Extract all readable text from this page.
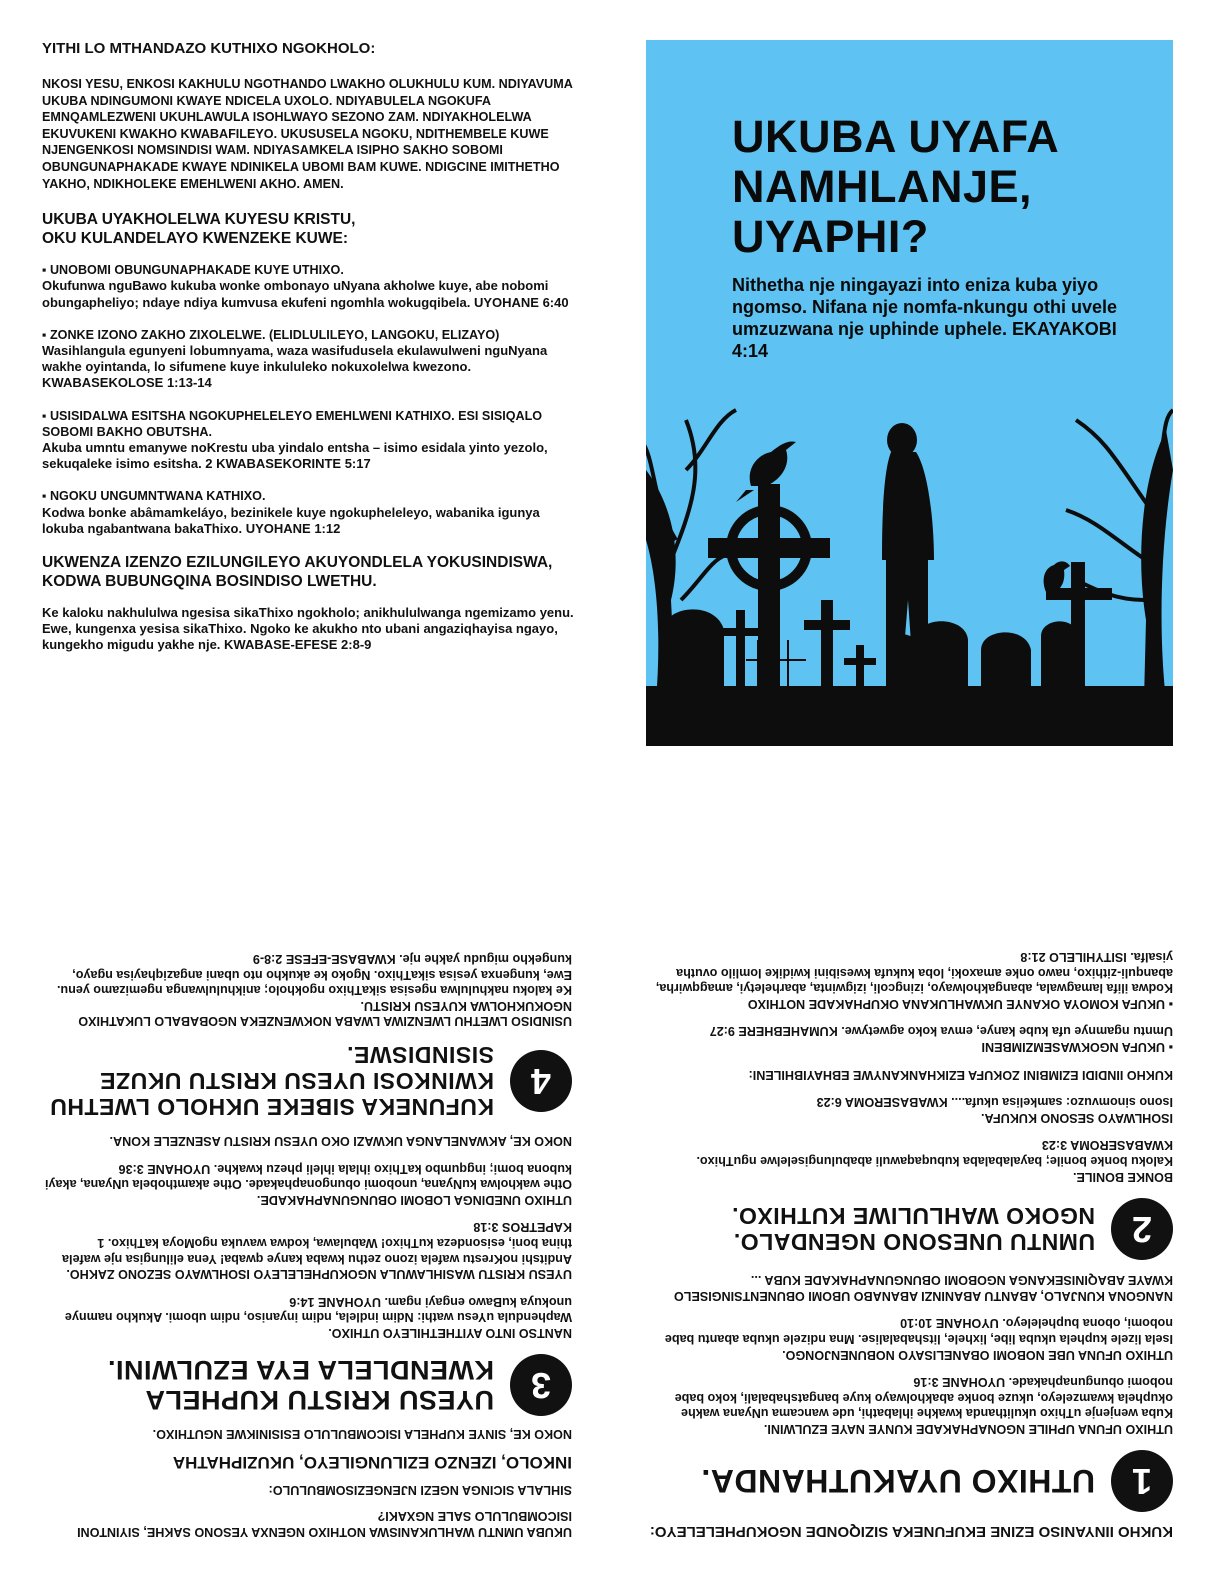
YITHI LO MTHANDAZO KUTHIXO NGOKHOLO:

NKOSI YESU, ENKOSI KAKHULU NGOTHANDO LWAKHO OLUKHULU KUM. NDIYAVUMA UKUBA NDINGUMONI KWAYE NDICELA UXOLO. NDIYABULELA NGOKUFA EMNQAMLEZWENI UKUHLAWULA ISOHLWAYO SEZONO ZAM. NDIYAKHOLELWA EKUVUKENI KWAKHO KWABAFILEYO. UKUSUSELA NGOKU, NDITHEMBELE KUWE NJENGENKOSI NOMSINDISI WAM. NDIYASAMKELA ISIPHO SAKHO SOBOMI OBUNGUNAPHAKADE KWAYE NDINIKELA UBOMI BAM KUWE. NDIGCINE IMITHETHO YAKHO, NDIKHOLEKE EMEHLWENI AKHO. AMEN.

UKUBA UYAKHOLELWA KUYESU KRISTU,
OKU KULANDELAYO KWENZEKE KUWE:

▪ UNOBOMI OBUNGUNAPHAKADE KUYE UTHIXO.
Okufunwa nguBawo kukuba wonke ombonayo uNyana akholwe kuye, abe nobomi obungapheliyo; ndaye ndiya kumvusa ekufeni ngomhla wokugqibela. UYOHANE 6:40
▪ ZONKE IZONO ZAKHO ZIXOLELWE. (ELIDLULILEYO, LANGOKU, ELIZAYO)
Wasihlangula egunyeni lobumnyama, waza wasifudusela ekulawulweni nguNyana wakhe oyintanda, lo sifumene kuye inkululeko nokuxolelwa kwezono. KWABASEKOLOSE 1:13-14
▪ USISIDALWA ESITSHA NGOKUPHELELEYO EMEHLWENI KATHIXO. ESI SISIQALO SOBOMI BAKHO OBUTSHA.
Akuba umntu emanywe noKrestu uba yindalo entsha – isimo esidala yinto yezolo, sekuqaleke isimo esitsha. 2 KWABASEKORINTE 5:17
▪ NGOKU UNGUMNTWANA KATHIXO.
Kodwa bonke abâmamkeláyo, bezinikele kuye ngokupheleleyo, wabanika igunya lokuba ngabantwana bakaThixo. UYOHANE 1:12

UKWENZA IZENZO EZILUNGILEYO AKUYONDLELA YOKUSINDISWA, KODWA BUBUNGQINA BOSINDISO LWETHU.

Ke kaloku nakhululwa ngesisa sikaThixo ngokholo; anikhululwanga ngemizamo yenu. Ewe, kungenxa yesisa sikaThixo. Ngoko ke akukho nto ubani angaziqhayisa ngayo, kungekho migudu yakhe nje. KWABASE-EFESE 2:8-9

UKUBA UYAFA
NAMHLANJE,
UYAPHI?
Nithetha nje ningayazi into eniza kuba yiyo ngomso. Nifana nje nomfa-nkungu othi uvele umzuzwana nje uphinde uphele. EKAYAKOBI 4:14

UKUBA UMNTU WAHLUKANISWA NOTHIXO NGENXA YESONO SAKHE, SIYINTONI ISICOMBULULO SALE NGXAKI?

SIHLALA SICINGA NGEZI NJENGEZISOMBULULO:

INKOLO, IZENZO EZILUNGILEYO, UKUZIPHATHA

NOKO KE, SINYE KUPHELA ISICOMBULULO ESISINIKWE NGUTHIXO.

3
UYESU KRISTU KUPHELA KWENDLELA EYA EZULWINI.
NANTSO INTO AYITHETHILEYO UTHIXO.
Waphendula uYesu wathi: Ndim indlela, ndim inyaniso, ndim ubomi. Akukho namnye unokuya kuBawo engayi ngam. UYOHANE 14:6
UYESU KRISTU WASIHLAWULA NGOKUPHELELEYO ISOHLWAYO SEZONO ZAKHO.
Anditshi noKrestu wafela izono zethu kwaba kanye qwaba! Yena elilungisa nje wafela thina boni, esisondeza kuThixo! Wabulawa, kodwa wavuka ngoMoya kaThixo. 1 KAPETROS 3:18
UTHIXO UNEDINGA LOBOMI OBUNGUNAPHAKADE.
Othe wakholwa kuNyana, unobomi obungonaphakade. Othe akamthobela uNyana, akayi kubona bomi; ingqumbo kaThixo ihlala ihleli phezu kwakhe. UYOHANE 3:36
NOKO KE, AKWANELANGA UKWAZI OKO UYESU KRISTU ASENZELE KONA.
4
KUFUNEKA SIBEKE UKHOLO LWETHU KWINKOSI UYESU KRISTU UKUZE SISINDISWE.
USINDISO LWETHU LWENZIWA LWABA NOKWENZEKA NGOBABALO LUKATHIXO NGOKUKHOLWA KUYESU KRISTU.
Ke kaloku nakhululwa ngesisa sikaThixo ngokholo; anikhululwanga ngemizamo yenu. Ewe, kungenxa yesisa sikaThixo. Ngoko ke akukho nto ubani angaziqhayisa ngayo, kungekho migudu yakhe nje. KWABASE-EFESE 2:8-9

KUKHO IINYANISO EZINE EKUFUNEKA SIZIQONDE NGOKUPHELELEYO:

1
UTHIXO UYAKUTHANDA.
UTHIXO UFUNA UPHILE NGONAPHAKADE KUNYE NAYE EZULWINI.
Kuba wenjenje uThixo ukulithanda kwakhe ihlabathi, ude wancama uNyana wakhe okuphela kwamzeleyo, ukuze bonke abakholwayo kuye bangatshabalali, koko babe nobomi obungunaphakade. UYOHANE 3:16
UTHIXO UFUNA UBE NOBOMI OBANELISAYO NOBUNENJONGO.
Isela lizele kuphela ukuba libe, lixhele, litshabalalise. Mna ndizele ukuba abantu babe nobomi, obona bupheleleyo. UYOHANE 10:10
NANGONA KUNJALO, ABANTU ABANINZI ABANABO UBOMI OBUNENTSINGISELO KWAYE ABAQINISEKANGA NGOBOMI OBUNGUNAPHAKADE KUBA ...
2
UMNTU UNESONO NGENDALO. NGOKO WAHLULIWE KUTHIXO.
BONKE BONILE.
Kaloku bonke bonile; bayalabalaba kubuqaqawuli ababulungiselelwe nguThixo. KWABASEROMA 3:23
ISOHLWAYO SESONO KUKUFA.
Isono sinomvuzo: samkelisa ukufa.... KWABASEROMA 6:23
KUKHO IINDIDI EZIMBINI ZOKUFA EZIKHANKANYWE EBHAYIBHILENI:
▪ UKUFA NGOKWASEMZIMBENI
Umntu ngamnye ufa kube kanye, emva koko agwetywe. KUMAHEBHERE 9:27
▪ UKUFA KOMOYA OKANYE UKWAHLUKANA OKUPHAKADE NOTHIXO
Kodwa ilifa lamagwala, abangakholwayo, izingcoli, izigwinta, abarheletyi, amagqwirha, abanquli-zithixo, nawo onke amaxoki, loba kukufa kwesibini kwidike lomlilo ovutha yisalfa. ISITYHILELO 21:8
